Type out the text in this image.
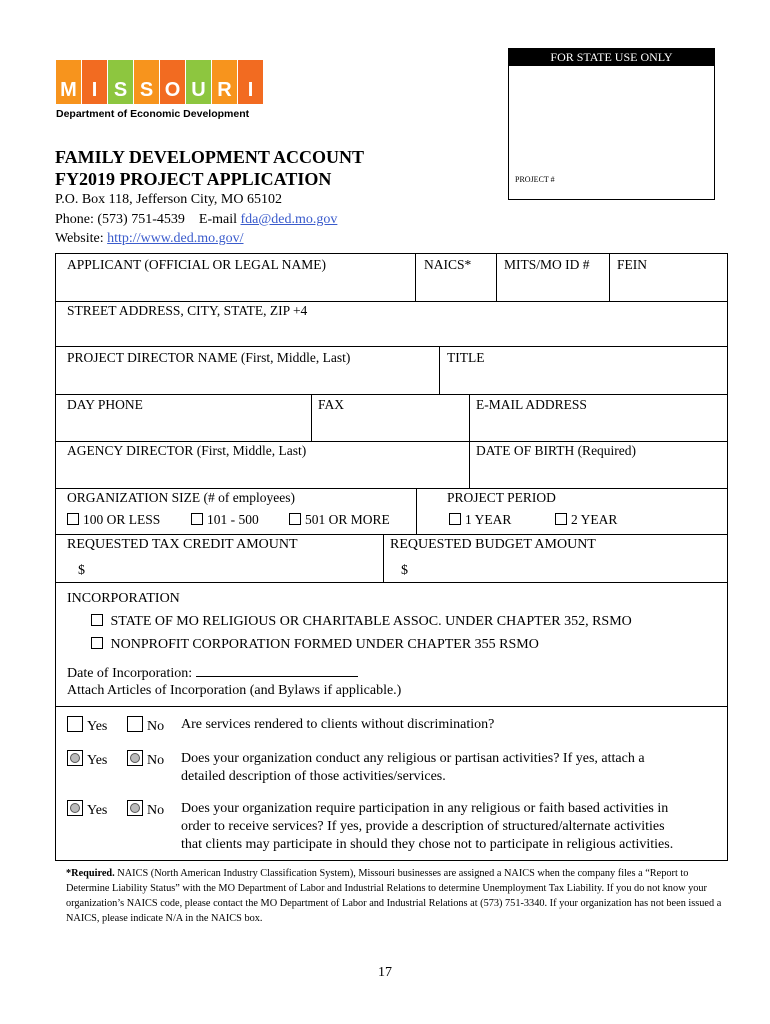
M I S S O U R I
Department of Economic Development
FOR STATE USE ONLY
PROJECT #
FAMILY DEVELOPMENT ACCOUNT
FY2019 PROJECT APPLICATION
P.O. Box 118, Jefferson City, MO 65102
Phone: (573) 751-4539 E-mail fda@ded.mo.gov
Website: http://www.ded.mo.gov/
APPLICANT (OFFICIAL OR LEGAL NAME)	NAICS* MITS/MO ID # FEIN
STREET ADDRESS, CITY, STATE, ZIP +4
PROJECT DIRECTOR NAME (First, Middle, Last)	TITLE
DAY PHONE	FAX	E-MAIL ADDRESS
AGENCY DIRECTOR (First, Middle, Last)	DATE OF BIRTH (Required)
ORGANIZATION SIZE (# of employees)
100 OR LESS	101 - 500	501 OR MORE
PROJECT PERIOD
1 YEAR	2 YEAR
REQUESTED TAX CREDIT AMOUNT
$
REQUESTED BUDGET AMOUNT
$
INCORPORATION
STATE OF MO RELIGIOUS OR CHARITABLE ASSOC. UNDER CHAPTER 352, RSMO
NONPROFIT CORPORATION FORMED UNDER CHAPTER 355 RSMO
Date of Incorporation:
Attach Articles of Incorporation (and Bylaws if applicable.)
Yes	No Are services rendered to clients without discrimination?
Yes	No Does your organization conduct any religious or partisan activities? If yes, attach a
detailed description of those activities/services.
Yes	No Does your organization require participation in any religious or faith based activities in
order to receive services? If yes, provide a description of structured/alternate activities
that clients may participate in should they chose not to participate in religious activities.
*Required. NAICS (North American Industry Classification System), Missouri businesses are assigned a NAICS when the company files a “Report to Determine Liability Status” with the MO Department of Labor and Industrial Relations to determine Unemployment Tax Liability. If you do not know your organization’s NAICS code, please contact the MO Department of Labor and Industrial Relations at (573) 751-3340. If your organization has not been issued a NAICS, please indicate N/A in the NAICS box.
17
